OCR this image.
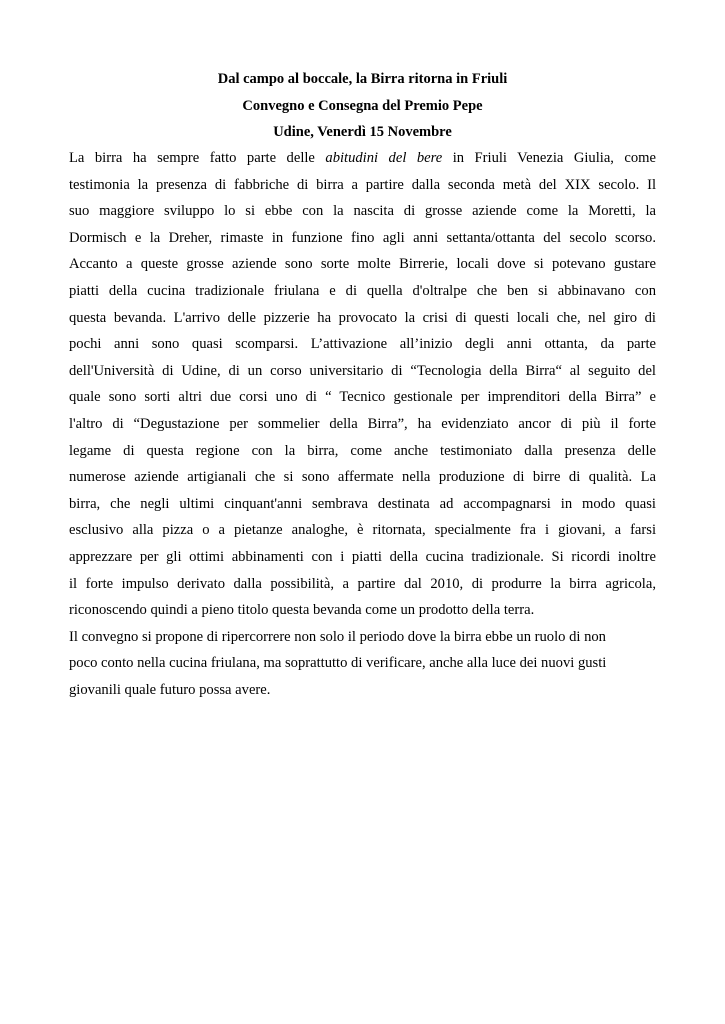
Dal campo al boccale, la Birra ritorna in Friuli

Convegno e Consegna del Premio Pepe

Udine, Venerdì 15 Novembre

La birra ha sempre fatto parte delle abitudini del bere in Friuli Venezia Giulia, come
testimonia la presenza di fabbriche di birra a partire dalla seconda metà del XIX secolo. Il
suo maggiore sviluppo lo si ebbe con la nascita di grosse aziende come la Moretti, la
Dormisch e la Dreher, rimaste in funzione fino agli anni settanta/ottanta del secolo scorso.
Accanto a queste grosse aziende sono sorte molte Birrerie, locali dove si potevano gustare
piatti della cucina tradizionale friulana e di quella d'oltralpe che ben si abbinavano con
questa bevanda. L'arrivo delle pizzerie ha provocato la crisi di questi locali che, nel giro di
pochi anni sono quasi scomparsi. L’attivazione all’inizio degli anni ottanta, da parte
dell'Università di Udine, di un corso universitario di “Tecnologia della Birra“ al seguito del
quale sono sorti altri due corsi uno di “ Tecnico gestionale per imprenditori della Birra” e
l'altro di “Degustazione per sommelier della Birra”, ha evidenziato ancor di più il forte
legame di questa regione con la birra, come anche testimoniato dalla presenza delle
numerose aziende artigianali che si sono affermate nella produzione di birre di qualità. La
birra, che negli ultimi cinquant'anni sembrava destinata ad accompagnarsi in modo quasi
esclusivo alla pizza o a pietanze analoghe, è ritornata, specialmente fra i giovani, a farsi
apprezzare per gli ottimi abbinamenti con i piatti della cucina tradizionale. Si ricordi inoltre
il forte impulso derivato dalla possibilità, a partire dal 2010, di produrre la birra agricola,
riconoscendo quindi a pieno titolo questa bevanda come un prodotto della terra.
Il convegno si propone di ripercorrere non solo il periodo dove la birra ebbe un ruolo di non
poco conto nella cucina friulana, ma soprattutto di verificare, anche alla luce dei nuovi gusti
giovanili quale futuro possa avere.
